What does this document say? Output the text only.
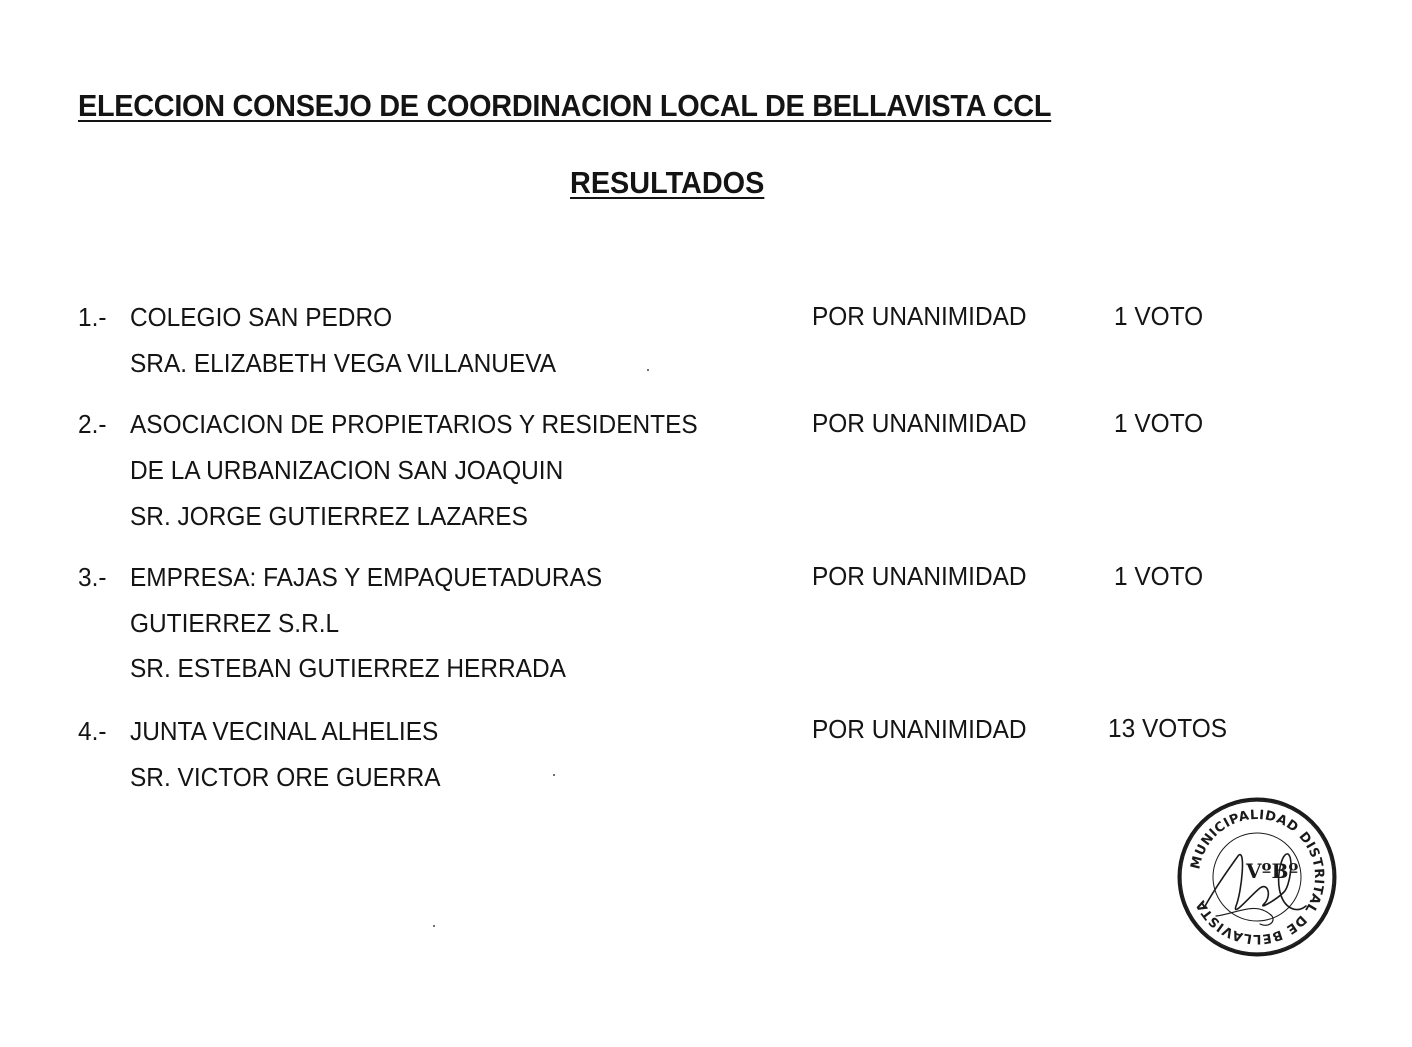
ELECCION CONSEJO DE COORDINACION LOCAL DE BELLAVISTA CCL
RESULTADOS
1.- COLEGIO SAN PEDRO
SRA. ELIZABETH VEGA VILLANUEVA
POR UNANIMIDAD	1 VOTO
2.- ASOCIACION DE PROPIETARIOS Y RESIDENTES
DE LA URBANIZACION SAN JOAQUIN
SR. JORGE GUTIERREZ LAZARES
POR UNANIMIDAD	1 VOTO
3.- EMPRESA: FAJAS Y EMPAQUETADURAS
GUTIERREZ S.R.L
SR. ESTEBAN GUTIERREZ HERRADA
POR UNANIMIDAD	1 VOTO
4.- JUNTA VECINAL ALHELIES
SR. VICTOR ORE GUERRA
POR UNANIMIDAD	13 VOTOS
MUNICIPALIDAD DISTRITAL DE BELLAVISTA
VºBº
